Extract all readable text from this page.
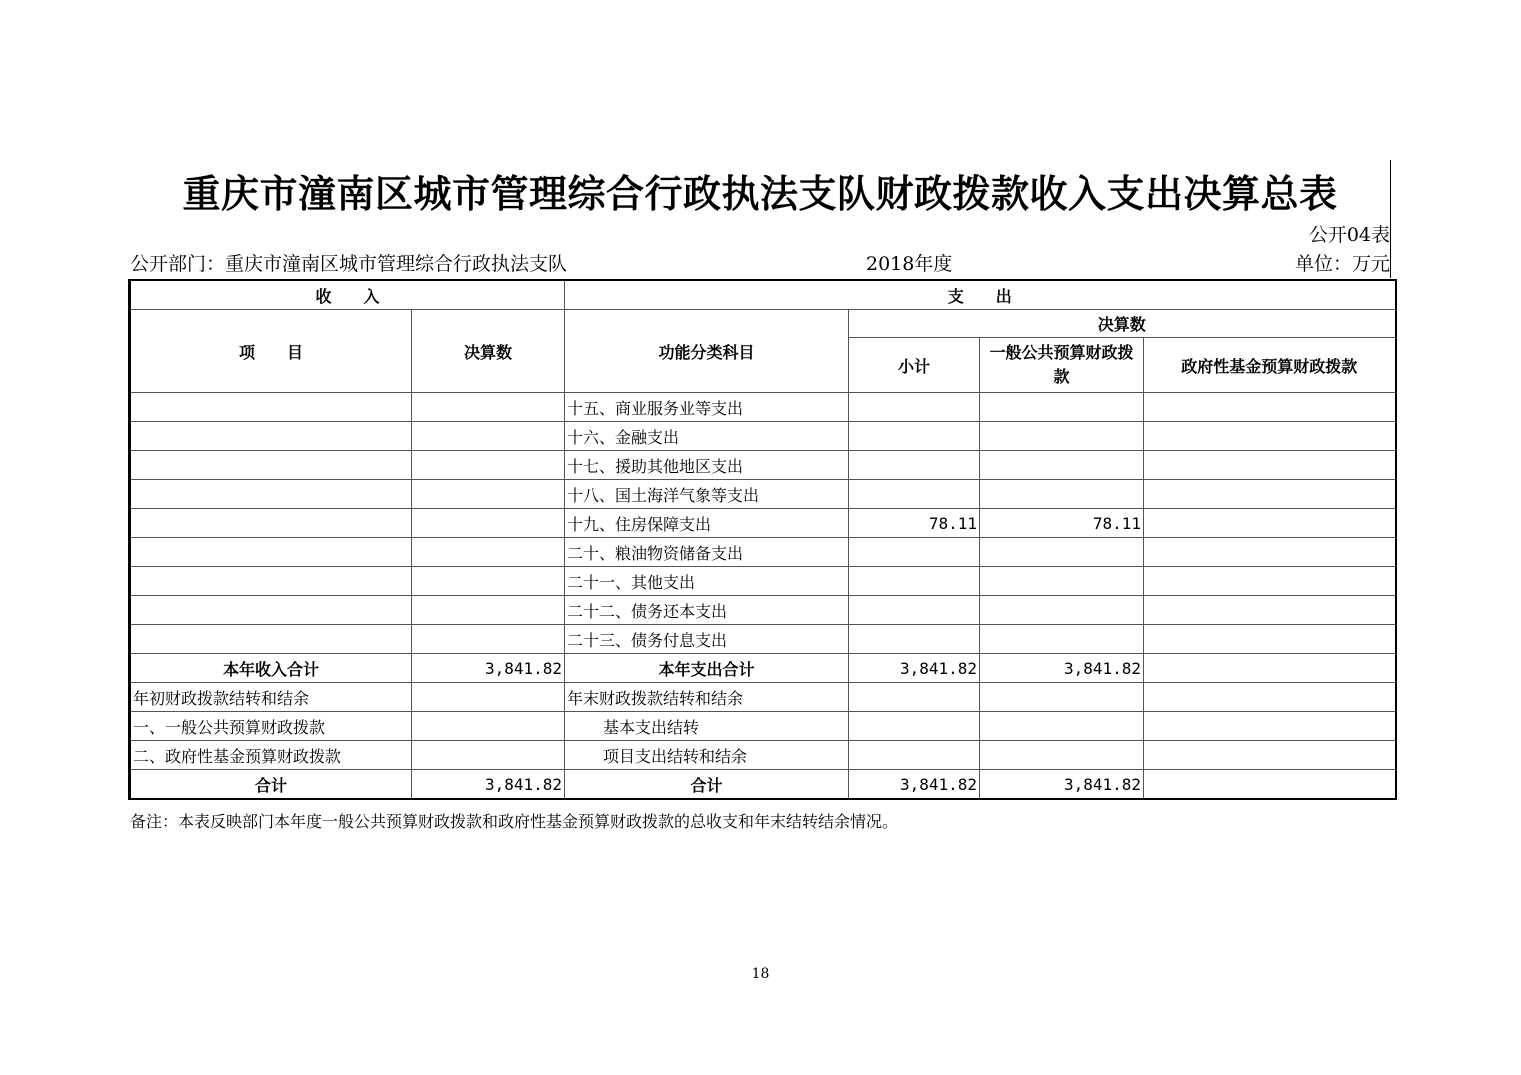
重庆市潼南区城市管理综合行政执法支队财政拨款收入支出决算总表
公开04表
公开部门：重庆市潼南区城市管理综合行政执法支队	2018年度	单位：万元
收　　入		支　　出			
项　　目	决算数	功能分类科目	决算数		
			小计	一般公共预算财政拨款	政府性基金预算财政拨款
		十五、商业服务业等支出			
		十六、金融支出			
		十七、援助其他地区支出			
		十八、国土海洋气象等支出			
		十九、住房保障支出	78.11	78.11	
		二十、粮油物资储备支出			
		二十一、其他支出			
		二十二、债务还本支出			
		二十三、债务付息支出			
本年收入合计	3,841.82	本年支出合计	3,841.82	3,841.82	
年初财政拨款结转和结余		年末财政拨款结转和结余			
一、一般公共预算财政拨款		基本支出结转			
二、政府性基金预算财政拨款		项目支出结转和结余			
合计	3,841.82	合计	3,841.82	3,841.82	
备注：本表反映部门本年度一般公共预算财政拨款和政府性基金预算财政拨款的总收支和年末结转结余情况。
18
